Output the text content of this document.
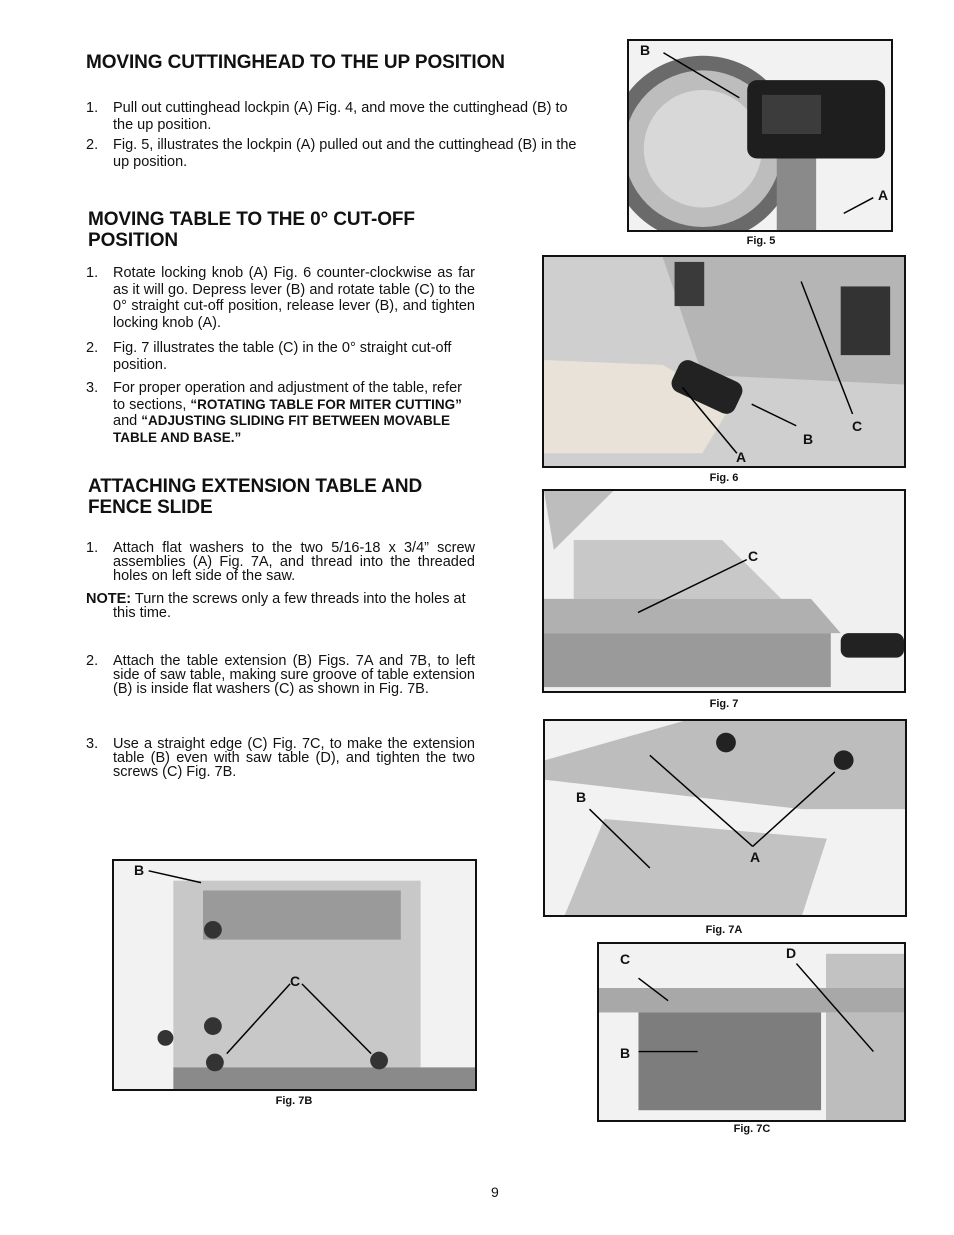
MOVING CUTTINGHEAD TO THE UP POSITION
1. Pull out cuttinghead lockpin (A) Fig. 4, and move the cuttinghead (B) to the up position.
2. Fig. 5, illustrates the lockpin (A) pulled out and the cuttinghead (B) in the up position.
MOVING TABLE TO THE 0° CUT-OFF
POSITION
1. Rotate locking knob (A) Fig. 6 counter-clockwise as far as it will go. Depress lever (B) and rotate table (C) to the 0° straight cut-off position, release lever (B), and tighten locking knob (A).
2. Fig. 7 illustrates the table (C) in the 0° straight cut-off position.
3. For proper operation and adjustment of the table, refer to sections, “ROTATING TABLE FOR MITER CUTTING” and “ADJUSTING SLIDING FIT BETWEEN MOVABLE TABLE AND BASE.”
ATTACHING EXTENSION TABLE AND
FENCE SLIDE
1. Attach flat washers to the two 5/16-18 x 3/4” screw assemblies (A) Fig. 7A, and thread into the threaded holes on left side of the saw.
NOTE: Turn the screws only a few threads into the holes at this time.
2. Attach the table extension (B) Figs. 7A and 7B, to left side of saw table, making sure groove of table extension (B) is inside flat washers (C) as shown in Fig. 7B.
3. Use a straight edge (C) Fig. 7C, to make the extension table (B) even with saw table (D), and tighten the two screws (C) Fig. 7B.
B
A
Fig. 5
C
B
A
Fig. 6
C
Fig. 7
B
A
Fig. 7A
B
C
Fig. 7B
C	D
B
Fig. 7C
9
